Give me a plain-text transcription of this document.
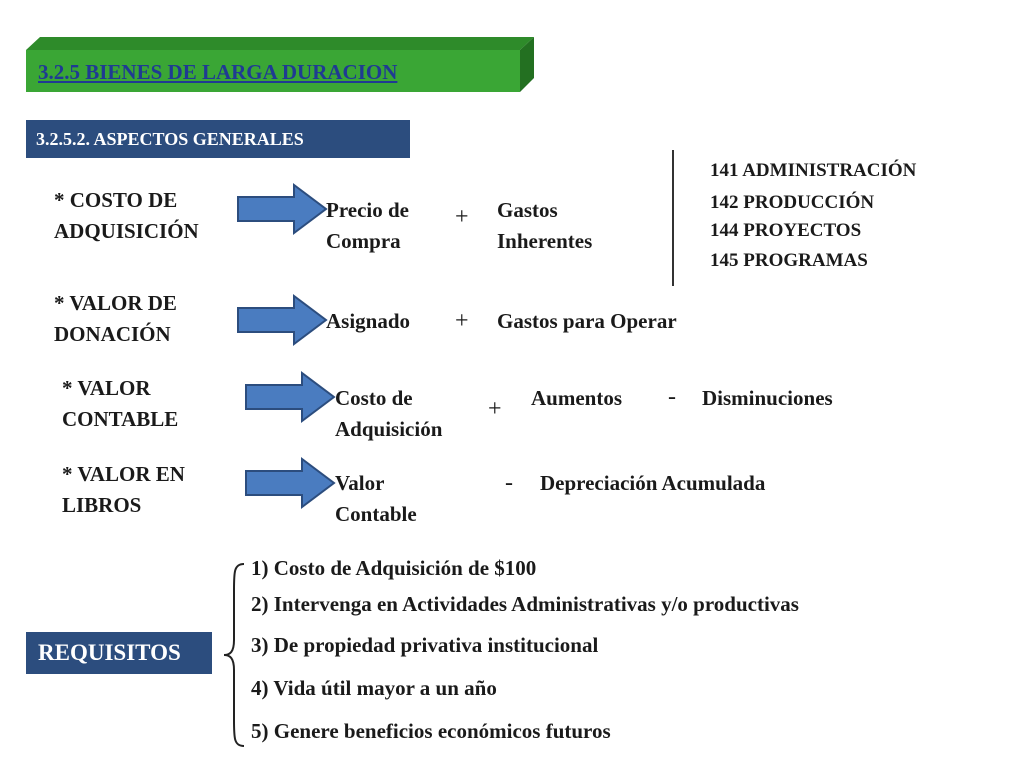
3.2.5 BIENES DE LARGA DURACION
3.2.5.2. ASPECTOS GENERALES
* COSTO DE
ADQUISICIÓN
Precio de
Compra
+ Gastos
Inherentes
141 ADMINISTRACIÓN
142 PRODUCCIÓN
144 PROYECTOS
145 PROGRAMAS
* VALOR DE
DONACIÓN
Asignado + Gastos para Operar
* VALOR
CONTABLE
Costo de
Adquisición
+ Aumentos - Disminuciones
* VALOR EN
LIBROS
Valor
Contable
- Depreciación Acumulada
REQUISITOS
1) Costo de Adquisición de $100
2) Intervenga en Actividades Administrativas y/o productivas
3) De propiedad privativa institucional
4) Vida útil mayor a un año
5) Genere beneficios económicos futuros
